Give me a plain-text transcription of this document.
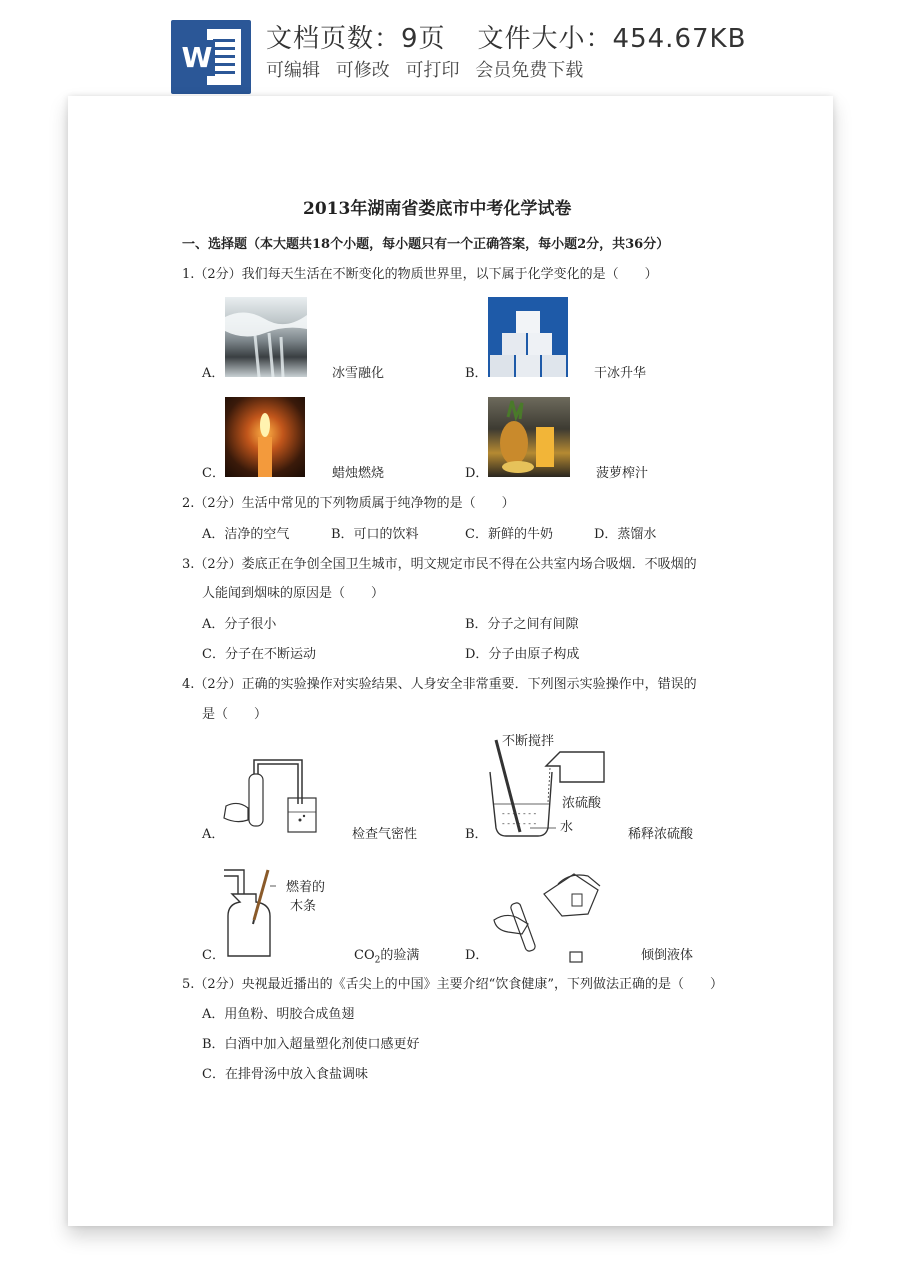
W
文档页数：9页 文件大小：454.67KB
可编辑 可修改 可打印 会员免费下载
2013年湖南省娄底市中考化学试卷
一、选择题（本大题共18个小题，每小题只有一个正确答案，每小题2分，共36分）
1.（2分）我们每天生活在不断变化的物质世界里，以下属于化学变化的是（　　）
A．	冰雪融化	B．	干冰升华
C．	蜡烛燃烧	D．	菠萝榨汁
2.（2分）生活中常见的下列物质属于纯净物的是（　　）
A．洁净的空气	B．可口的饮料	C．新鲜的牛奶	D．蒸馏水
3.（2分）娄底正在争创全国卫生城市，明文规定市民不得在公共室内场合吸烟．不吸烟的
人能闻到烟味的原因是（　　）
A．分子很小	B．分子之间有间隙
C．分子在不断运动	D．分子由原子构成
4.（2分）正确的实验操作对实验结果、人身安全非常重要．下列图示实验操作中，错误的
是（　　）
A．	检查气密性	B．
- - - - - - -
- - - - - - -
不断搅拌
浓硫酸
水	稀释浓硫酸
C．
燃着的
木条
$CO_2$的验满	D．	倾倒液体
5.（2分）央视最近播出的《舌尖上的中国》主要介绍“饮食健康”，下列做法正确的是（　　）
A．用鱼粉、明胶合成鱼翅
B．白酒中加入超量塑化剂使口感更好
C．在排骨汤中放入食盐调味
